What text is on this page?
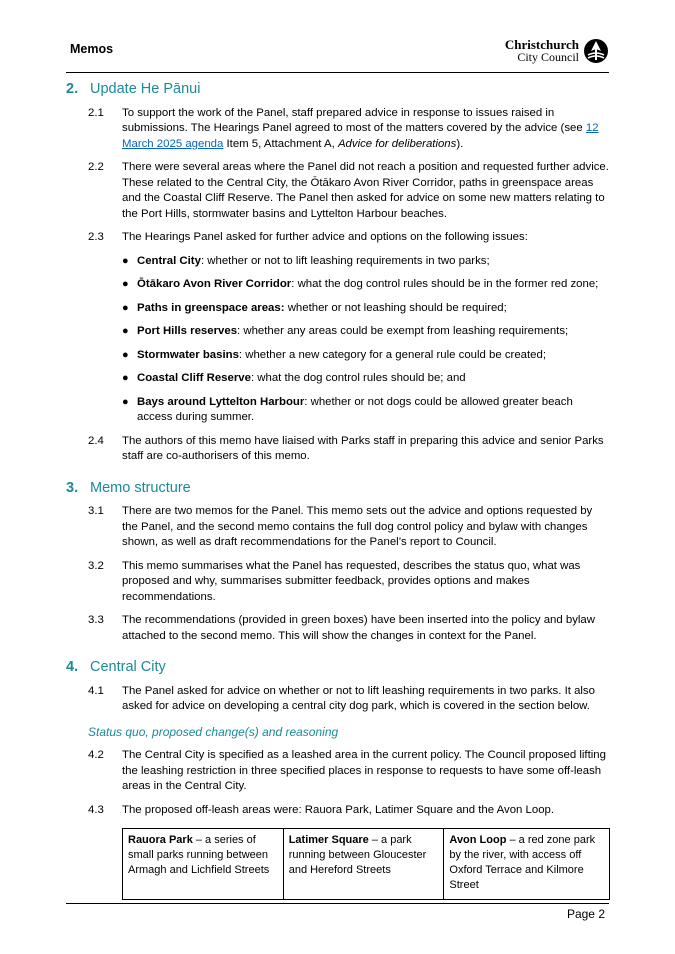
Memos	Christchurch
City Council
2. Update He Pānui
2.1	To support the work of the Panel, staff prepared advice in response to issues raised in submissions. The Hearings Panel agreed to most of the matters covered by the advice (see 12 March 2025 agenda Item 5, Attachment A, Advice for deliberations).
2.2	There were several areas where the Panel did not reach a position and requested further advice. These related to the Central City, the Ōtākaro Avon River Corridor, paths in greenspace areas and the Coastal Cliff Reserve. The Panel then asked for advice on some new matters relating to the Port Hills, stormwater basins and Lyttelton Harbour beaches.
2.3	The Hearings Panel asked for further advice and options on the following issues:
● Central City: whether or not to lift leashing requirements in two parks;
● Ōtākaro Avon River Corridor: what the dog control rules should be in the former red zone;
● Paths in greenspace areas: whether or not leashing should be required;
● Port Hills reserves: whether any areas could be exempt from leashing requirements;
● Stormwater basins: whether a new category for a general rule could be created;
● Coastal Cliff Reserve: what the dog control rules should be; and
● Bays around Lyttelton Harbour: whether or not dogs could be allowed greater beach access during summer.
2.4	The authors of this memo have liaised with Parks staff in preparing this advice and senior Parks staff are co-authorisers of this memo.
3. Memo structure
3.1	There are two memos for the Panel. This memo sets out the advice and options requested by the Panel, and the second memo contains the full dog control policy and bylaw with changes shown, as well as draft recommendations for the Panel’s report to Council.
3.2	This memo summarises what the Panel has requested, describes the status quo, what was proposed and why, summarises submitter feedback, provides options and makes recommendations.
3.3	The recommendations (provided in green boxes) have been inserted into the policy and bylaw attached to the second memo. This will show the changes in context for the Panel.
4. Central City
4.1	The Panel asked for advice on whether or not to lift leashing requirements in two parks. It also asked for advice on developing a central city dog park, which is covered in the section below.
Status quo, proposed change(s) and reasoning
4.2	The Central City is specified as a leashed area in the current policy. The Council proposed lifting the leashing restriction in three specified places in response to requests to have some off-leash areas in the Central City.
4.3	The proposed off-leash areas were: Rauora Park, Latimer Square and the Avon Loop.
Rauora Park – a series of small parks running between Armagh and Lichfield Streets	Latimer Square – a park running between Gloucester and Hereford Streets	Avon Loop – a red zone park by the river, with access off Oxford Terrace and Kilmore Street
Page 2
